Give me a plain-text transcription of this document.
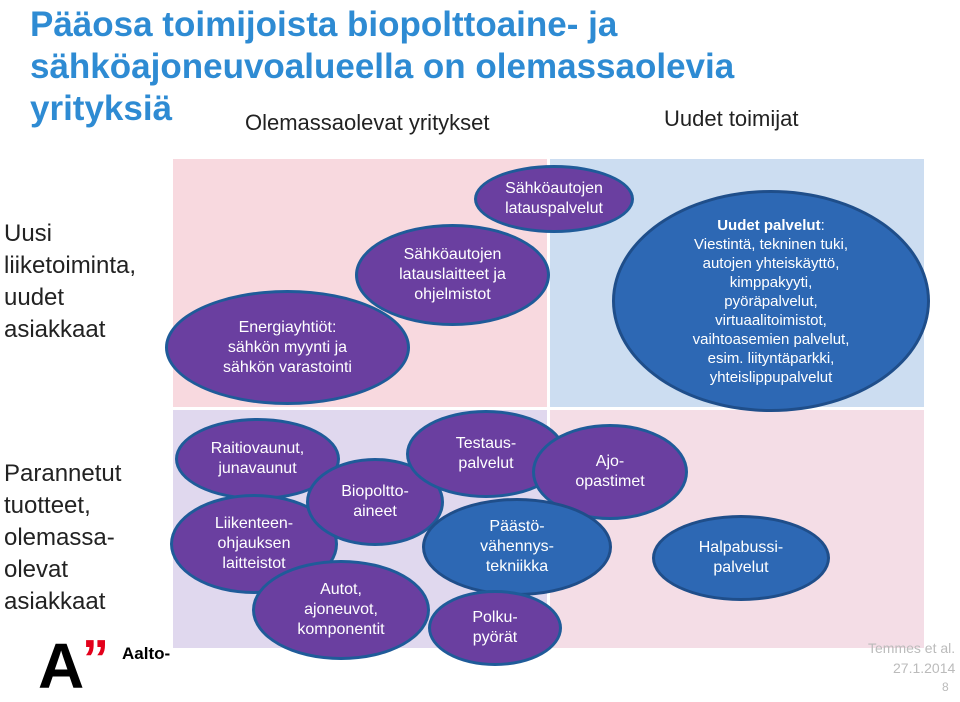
Pääosa toimijoista biopolttoaine- ja sähköajoneuvoalueella on olemassaolevia yrityksiä	Olemassaolevat yritykset	Uudet toimijat
Uusi liiketoiminta, uudet asiakkaat
Parannetut tuotteet, olemassa-olevat asiakkaat
Energiayhtiöt:
sähkön myynti ja
sähkön varastointi
Sähköautojen
latauslaitteet ja
ohjelmistot
Sähköautojen
latauspalvelut
Uudet palvelut:
Viestintä, tekninen tuki,
autojen yhteiskäyttö,
kimppakyyti,
pyöräpalvelut,
virtuaalitoimistot,
vaihtoasemien palvelut,
esim. liityntäparkki,
yhteislippupalvelut
Raitiovaunut,
junavaunut
Liikenteen-
ohjauksen
laitteistot
Biopoltto-
aineet
Autot,
ajoneuvot,
komponentit
Testaus-
palvelut	Ajo-
opastimet
Päästö-
vähennys-
tekniikka
Polku-
pyörät
Halpabussi-
palvelut
A
” Aalto-	Temmes et al.
27.1.2014
8
